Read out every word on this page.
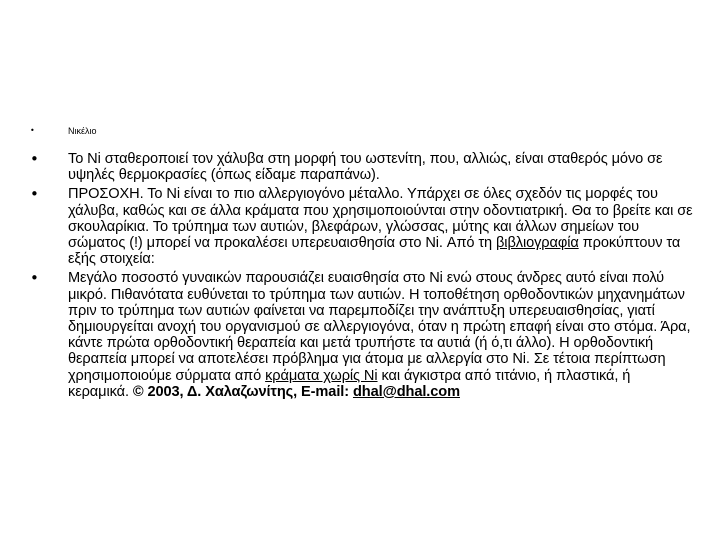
•	Νικέλιο
• Το Ni σταθεροποιεί τον χάλυβα στη μορφή του ωστενίτη, που, αλλιώς, είναι σταθερός μόνο σε υψηλές θερμοκρασίες (όπως είδαμε παραπάνω).
• ΠΡΟΣΟΧΗ. Το Ni είναι το πιο αλλεργιογόνο μέταλλο. Υπάρχει σε όλες σχεδόν τις μορφές του χάλυβα, καθώς και σε άλλα κράματα που χρησιμοποιούνται στην οδοντιατρική. Θα το βρείτε και σε σκουλαρίκια. Το τρύπημα των αυτιών, βλεφάρων, γλώσσας, μύτης και άλλων σημείων του σώματος (!) μπορεί να προκαλέσει υπερευαισθησία στο Ni. Από τη βιβλιογραφία προκύπτουν τα εξής στοιχεία:
• Μεγάλο ποσοστό γυναικών παρουσιάζει ευαισθησία στο Ni ενώ στους άνδρες αυτό είναι πολύ μικρό. Πιθανότατα ευθύνεται το τρύπημα των αυτιών. Η τοποθέτηση ορθοδοντικών μηχανημάτων πριν το τρύπημα των αυτιών φαίνεται να παρεμποδίζει την ανάπτυξη υπερευαισθησίας, γιατί δημιουργείται ανοχή του οργανισμού σε αλλεργιογόνα, όταν η πρώτη επαφή είναι στο στόμα. Άρα, κάντε πρώτα ορθοδοντική θεραπεία και μετά τρυπήστε τα αυτιά (ή ό,τι άλλο). Η ορθοδοντική θεραπεία μπορεί να αποτελέσει πρόβλημα για άτομα με αλλεργία στο Ni. Σε τέτοια περίπτωση χρησιμοποιούμε σύρματα από κράματα χωρίς Ni και άγκιστρα από τιτάνιο, ή πλαστικά, ή κεραμικά. © 2003, Δ. Χαλαζωνίτης, E-mail: dhal@dhal.com
